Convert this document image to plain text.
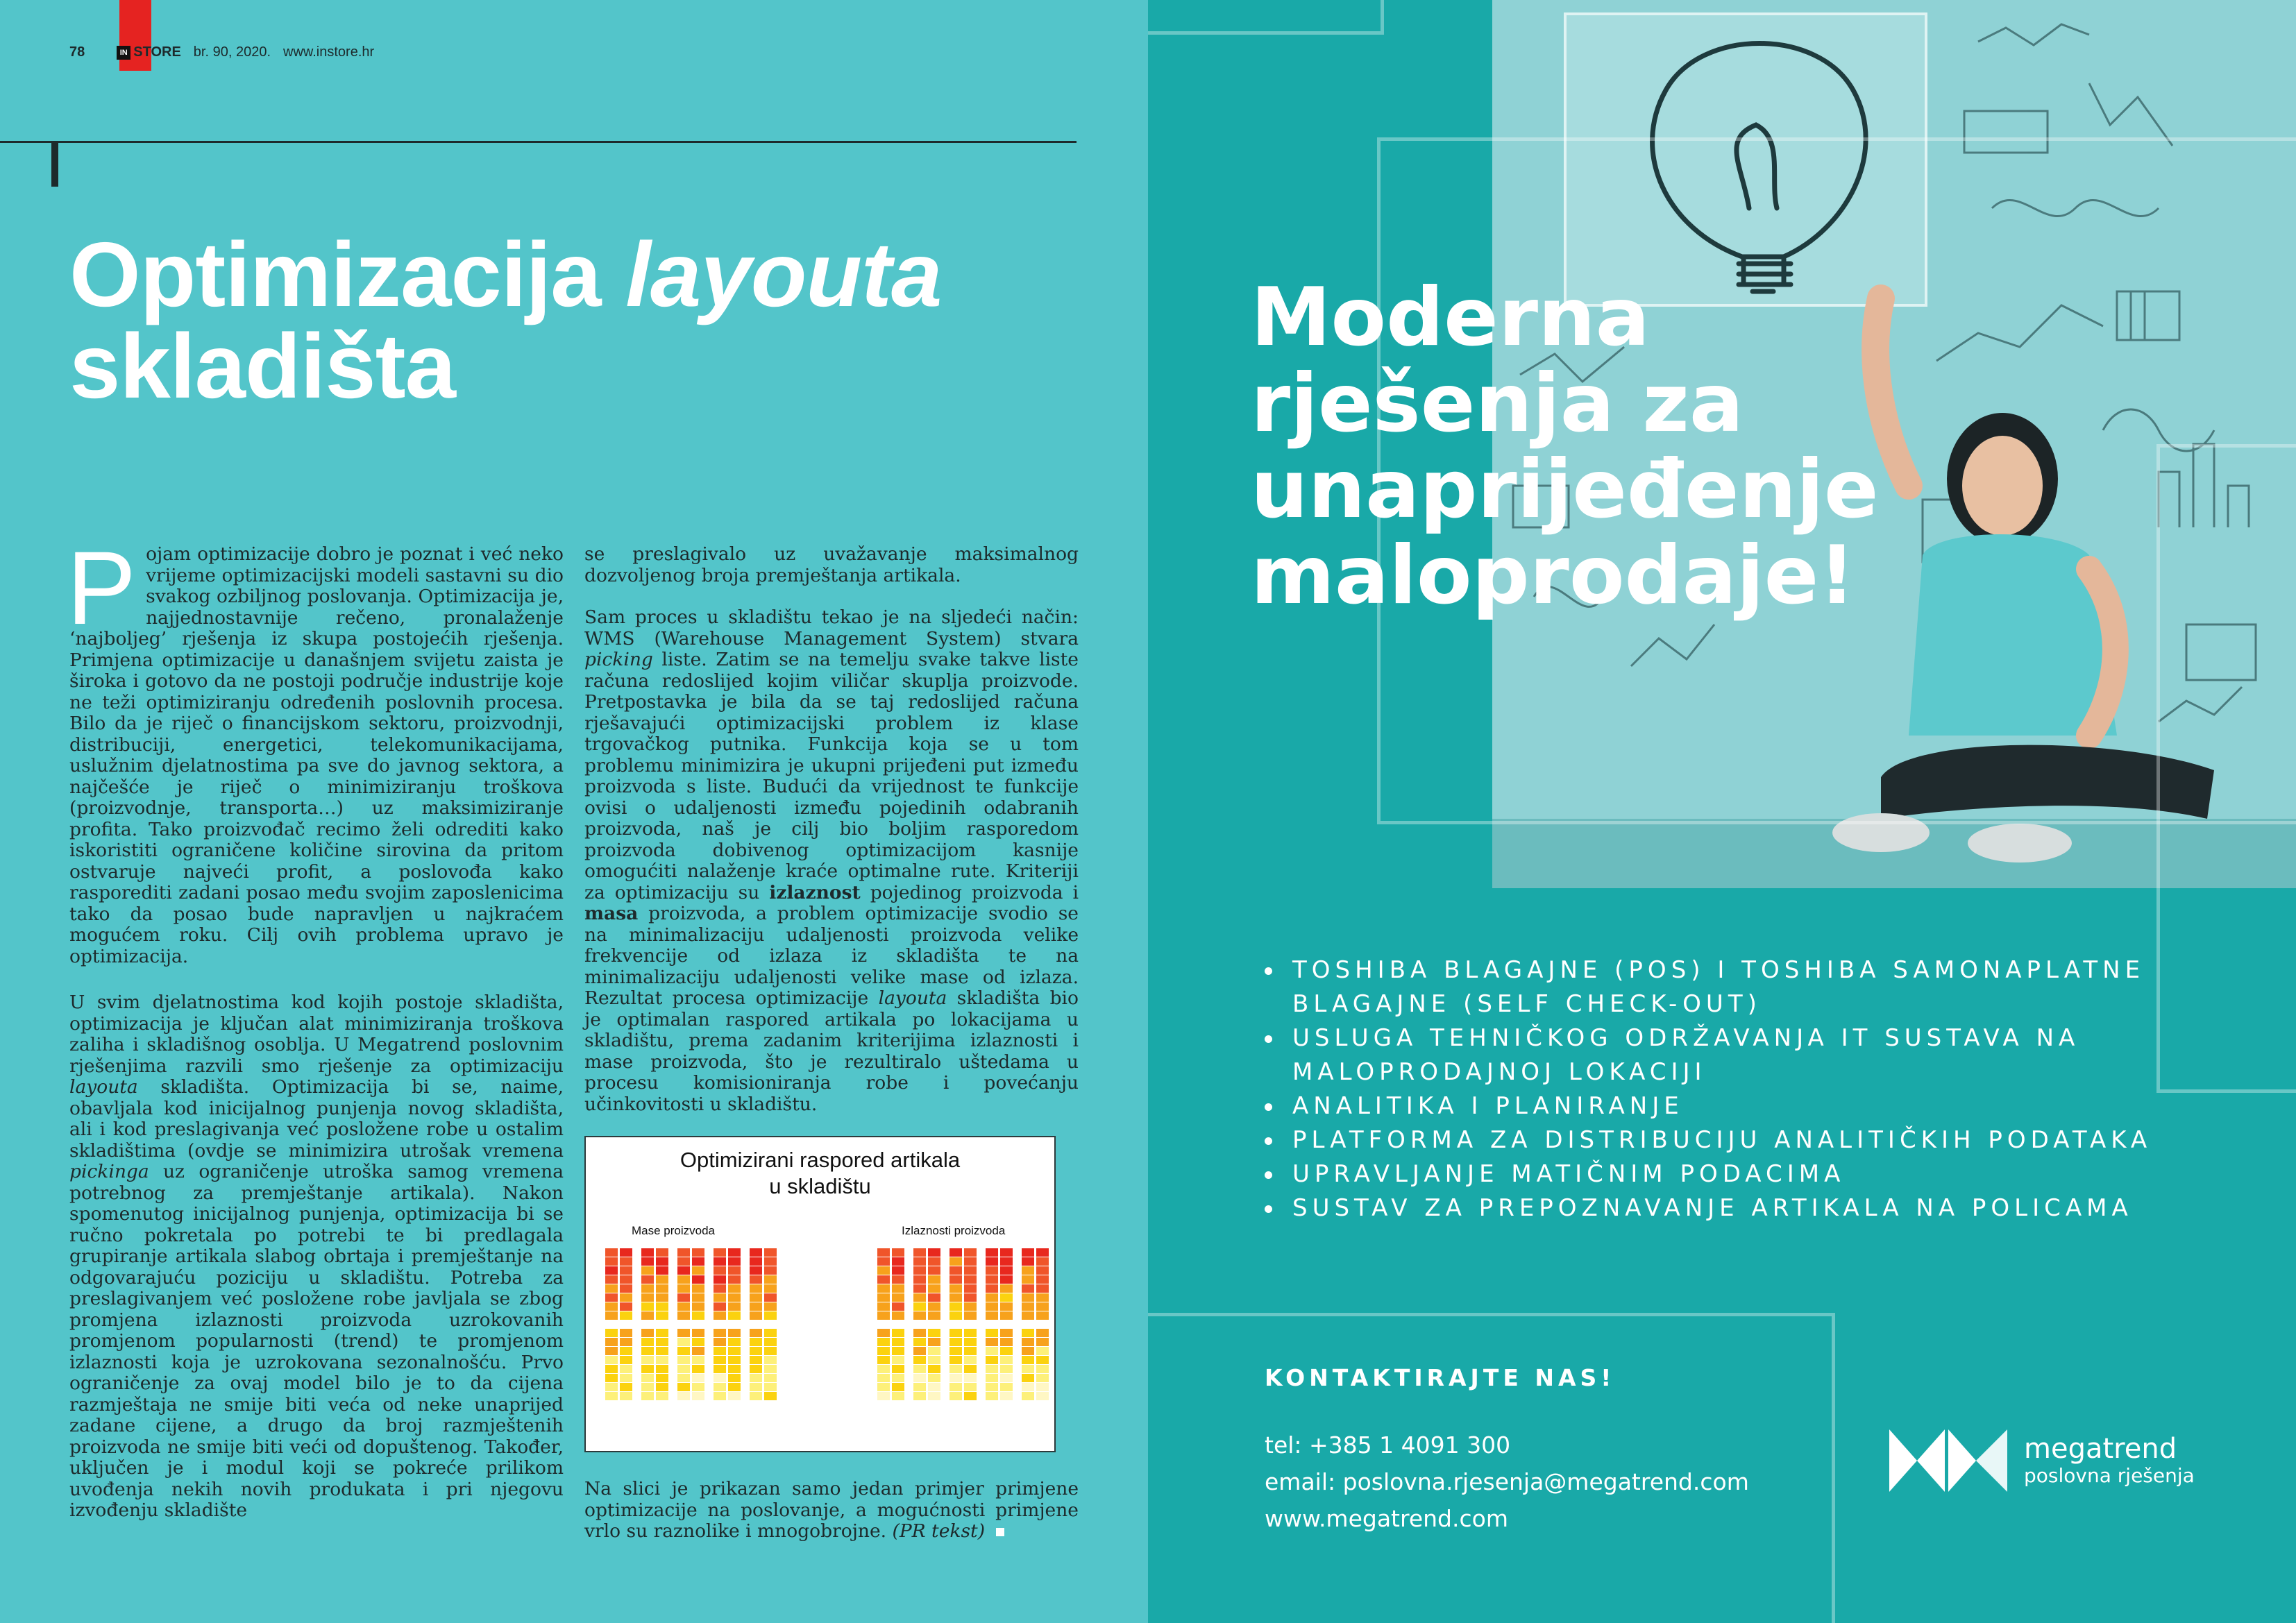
78	IN STORE br. 90, 2020. www.instore.hr
Optimizacija layouta
skladišta

Pojam optimizacije dobro je poznat i već neko vrijeme optimizacijski modeli sastavni su dio svakog ozbiljnog poslovanja. Optimizacija je, najjednostavnije rečeno, pronalaženje ‘najboljeg’ rješenja iz skupa postojećih rješenja. Primjena optimizacije u današnjem svijetu zaista je široka i gotovo da ne postoji područje industrije koje ne teži optimiziranju određenih poslovnih procesa. Bilo da je riječ o financijskom sektoru, proizvodnji, distribuciji, energetici, telekomunikacijama, uslužnim djelatnostima pa sve do javnog sektora, a najčešće je riječ o minimiziranju troškova (proizvodnje, transporta…) uz maksimiziranje profita. Tako proizvođač recimo želi odrediti kako iskoristiti ograničene količine sirovina da pritom ostvaruje najveći profit, a poslovođa kako rasporediti zadani posao među svojim zaposlenicima tako da posao bude napravljen u najkraćem mogućem roku. Cilj ovih problema upravo je optimizacija.

U svim djelatnostima kod kojih postoje skladišta, optimizacija je ključan alat minimiziranja troškova zaliha i skladišnog osoblja. U Megatrend poslovnim rješenjima razvili smo rješenje za optimizaciju layouta skladišta. Optimizacija bi se, naime, obavljala kod inicijalnog punjenja novog skladišta, ali i kod preslagivanja već posložene robe u ostalim skladištima (ovdje se minimizira utrošak vremena pickinga uz ograničenje utroška samog vremena potrebnog za premještanje artikala). Nakon spomenutog inicijalnog punjenja, optimizacija bi se ručno pokretala po potrebi te bi predlagala grupiranje artikala slabog obrtaja i premještanje na odgovarajuću poziciju u skladištu. Potreba za preslagivanjem već posložene robe javljala se zbog promjena izlaznosti proizvoda uzrokovanih promjenom popularnosti (trend) te promjenom izlaznosti koja je uzrokovana sezonalnošću. Prvo ograničenje za ovaj model bilo je to da cijena razmještaja ne smije biti veća od neke unaprijed zadane cijene, a drugo da broj razmještenih proizvoda ne smije biti veći od dopuštenog. Također, uključen je i modul koji se pokreće prilikom uvođenja nekih novih produkata i pri njegovu izvođenju skladište

se preslagivalo uz uvažavanje maksimalnog dozvoljenog broja premještanja artikala.

Sam proces u skladištu tekao je na sljedeći način: WMS (Warehouse Management System) stvara picking liste. Zatim se na temelju svake takve liste računa redoslijed kojim viličar skuplja proizvode. Pretpostavka je bila da se taj redoslijed računa rješavajući optimizacijski problem iz klase trgovačkog putnika. Funkcija koja se u tom problemu minimizira je ukupni prijeđeni put između proizvoda s liste. Budući da vrijednost te funkcije ovisi o udaljenosti između pojedinih odabranih proizvoda, naš je cilj bio boljim rasporedom proizvoda dobivenog optimizacijom kasnije omogućiti nalaženje kraće optimalne rute. Kriteriji za optimizaciju su izlaznost pojedinog proizvoda i masa proizvoda, a problem optimizacije svodio se na minimalizaciju udaljenosti proizvoda velike frekvencije od izlaza iz skladišta te na minimalizaciju udaljenosti velike mase od izlaza. Rezultat procesa optimizacije layouta skladišta bio je optimalan raspored artikala po lokacijama u skladištu, prema zadanim kriterijima izlaznosti i mase proizvoda, što je rezultiralo uštedama u procesu komisioniranja robe i povećanju učinkovitosti u skladištu.

Optimizirani raspored artikala
u skladištu
Mase proizvoda	Izlaznosti proizvoda

Na slici je prikazan samo jedan primjer primjene optimizacije na poslovanje, a mogućnosti primjene vrlo su raznolike i mnogobrojne. (PR tekst)

Moderna
rješenja za
unaprijeđenje
maloprodaje!
TOSHIBA BLAGAJNE (POS) I TOSHIBA SAMONAPLATNE BLAGAJNE (SELF CHECK-OUT)
USLUGA TEHNIČKOG ODRŽAVANJA IT SUSTAVA NA MALOPRODAJNOJ LOKACIJI
ANALITIKA I PLANIRANJE
PLATFORMA ZA DISTRIBUCIJU ANALITIČKIH PODATAKA
UPRAVLJANJE MATIČNIM PODACIMA
SUSTAV ZA PREPOZNAVANJE ARTIKALA NA POLICAMA
KONTAKTIRAJTE NAS!
tel: +385 1 4091 300
email: poslovna.rjesenja@megatrend.com
www.megatrend.com
megatrend
poslovna rješenja
